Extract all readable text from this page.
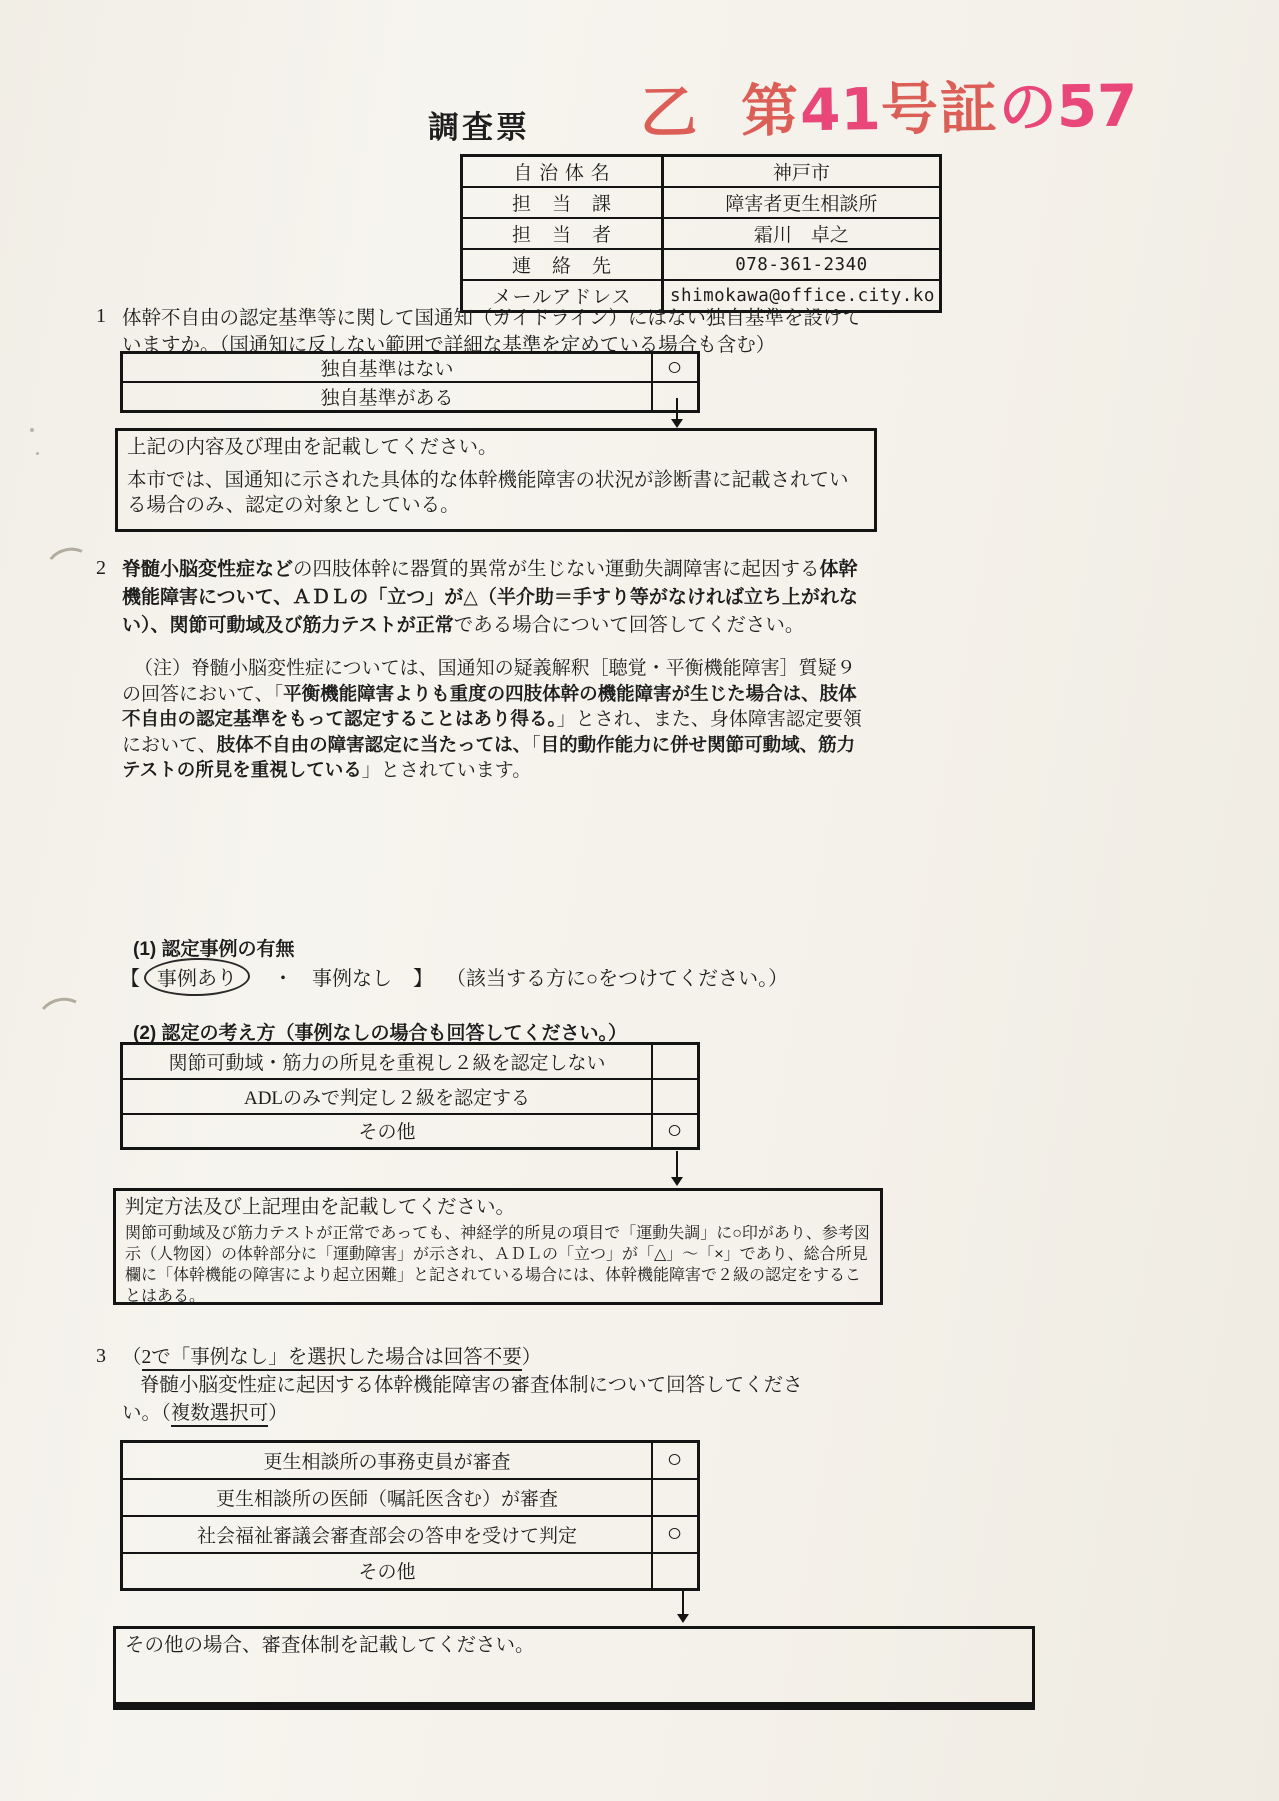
調査票 乙 第41号証の57
自 治 体 名	神戸市
担　当　課	障害者更生相談所
担　当　者	霜川　卓之
連　絡　先	078-361-2340
メールアドレス	shimokawa@office.city.ko
1 体幹不自由の認定基準等に関して国通知（ガイドライン）にはない独自基準を設けていますか。（国通知に反しない範囲で詳細な基準を定めている場合も含む）
独自基準はない	○
独自基準がある	
上記の内容及び理由を記載してください。
本市では、国通知に示された具体的な体幹機能障害の状況が診断書に記載されている場合のみ、認定の対象としている。
2 脊髄小脳変性症などの四肢体幹に器質的異常が生じない運動失調障害に起因する体幹機能障害について、ＡＤＬの「立つ」が△（半介助＝手すり等がなければ立ち上がれない）、関節可動域及び筋力テストが正常である場合について回答してください。
（注）脊髄小脳変性症については、国通知の疑義解釈［聴覚・平衡機能障害］質疑９の回答において、「平衡機能障害よりも重度の四肢体幹の機能障害が生じた場合は、肢体不自由の認定基準をもって認定することはあり得る。」とされ、また、身体障害認定要領において、肢体不自由の障害認定に当たっては、「目的動作能力に併せ関節可動域、筋力テストの所見を重視している」とされています。
(1) 認定事例の有無
【 事例あり ・ 事例なし 】 （該当する方に○をつけてください。）
(2) 認定の考え方（事例なしの場合も回答してください。）
関節可動域・筋力の所見を重視し２級を認定しない	
ADLのみで判定し２級を認定する	
その他	○
判定方法及び上記理由を記載してください。
関節可動域及び筋力テストが正常であっても、神経学的所見の項目で「運動失調」に○印があり、参考図示（人物図）の体幹部分に「運動障害」が示され、ＡＤＬの「立つ」が「△」～「×」であり、総合所見欄に「体幹機能の障害により起立困難」と記されている場合には、体幹機能障害で２級の認定をすることはある。
3 （2で「事例なし」を選択した場合は回答不要）
脊髄小脳変性症に起因する体幹機能障害の審査体制について回答してください。（複数選択可）
更生相談所の事務吏員が審査	○
更生相談所の医師（嘱託医含む）が審査	
社会福祉審議会審査部会の答申を受けて判定	○
その他	
その他の場合、審査体制を記載してください。
